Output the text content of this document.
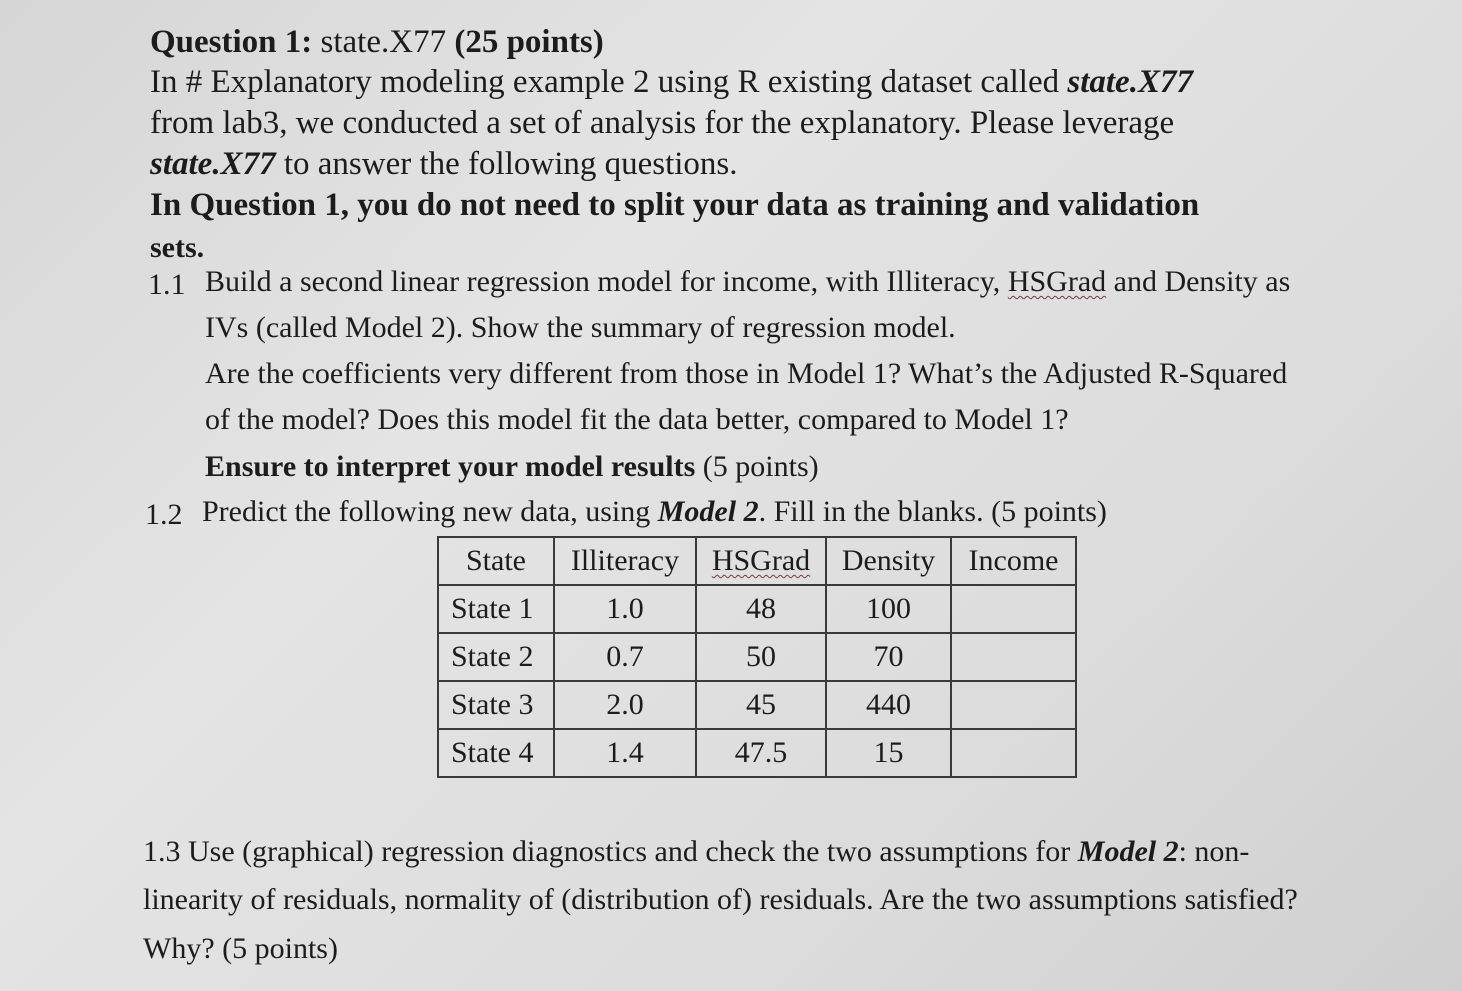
Question 1: state.X77 (25 points)
In # Explanatory modeling example 2 using R existing dataset called state.X77
from lab3, we conducted a set of analysis for the explanatory. Please leverage
state.X77 to answer the following questions.
In Question 1, you do not need to split your data as training and validation
sets.
1.1 Build a second linear regression model for income, with Illiteracy, HSGrad and Density as
IVs (called Model 2). Show the summary of regression model.
Are the coefficients very different from those in Model 1? What’s the Adjusted R-Squared
of the model? Does this model fit the data better, compared to Model 1?
Ensure to interpret your model results (5 points)
1.2 Predict the following new data, using Model 2. Fill in the blanks. (5 points)
State	Illiteracy	HSGrad	Density	Income
State 1	1.0	48	100	
State 2	0.7	50	70	
State 3	2.0	45	440	
State 4	1.4	47.5	15	
1.3 Use (graphical) regression diagnostics and check the two assumptions for Model 2: non-
linearity of residuals, normality of (distribution of) residuals. Are the two assumptions satisfied?
Why? (5 points)
